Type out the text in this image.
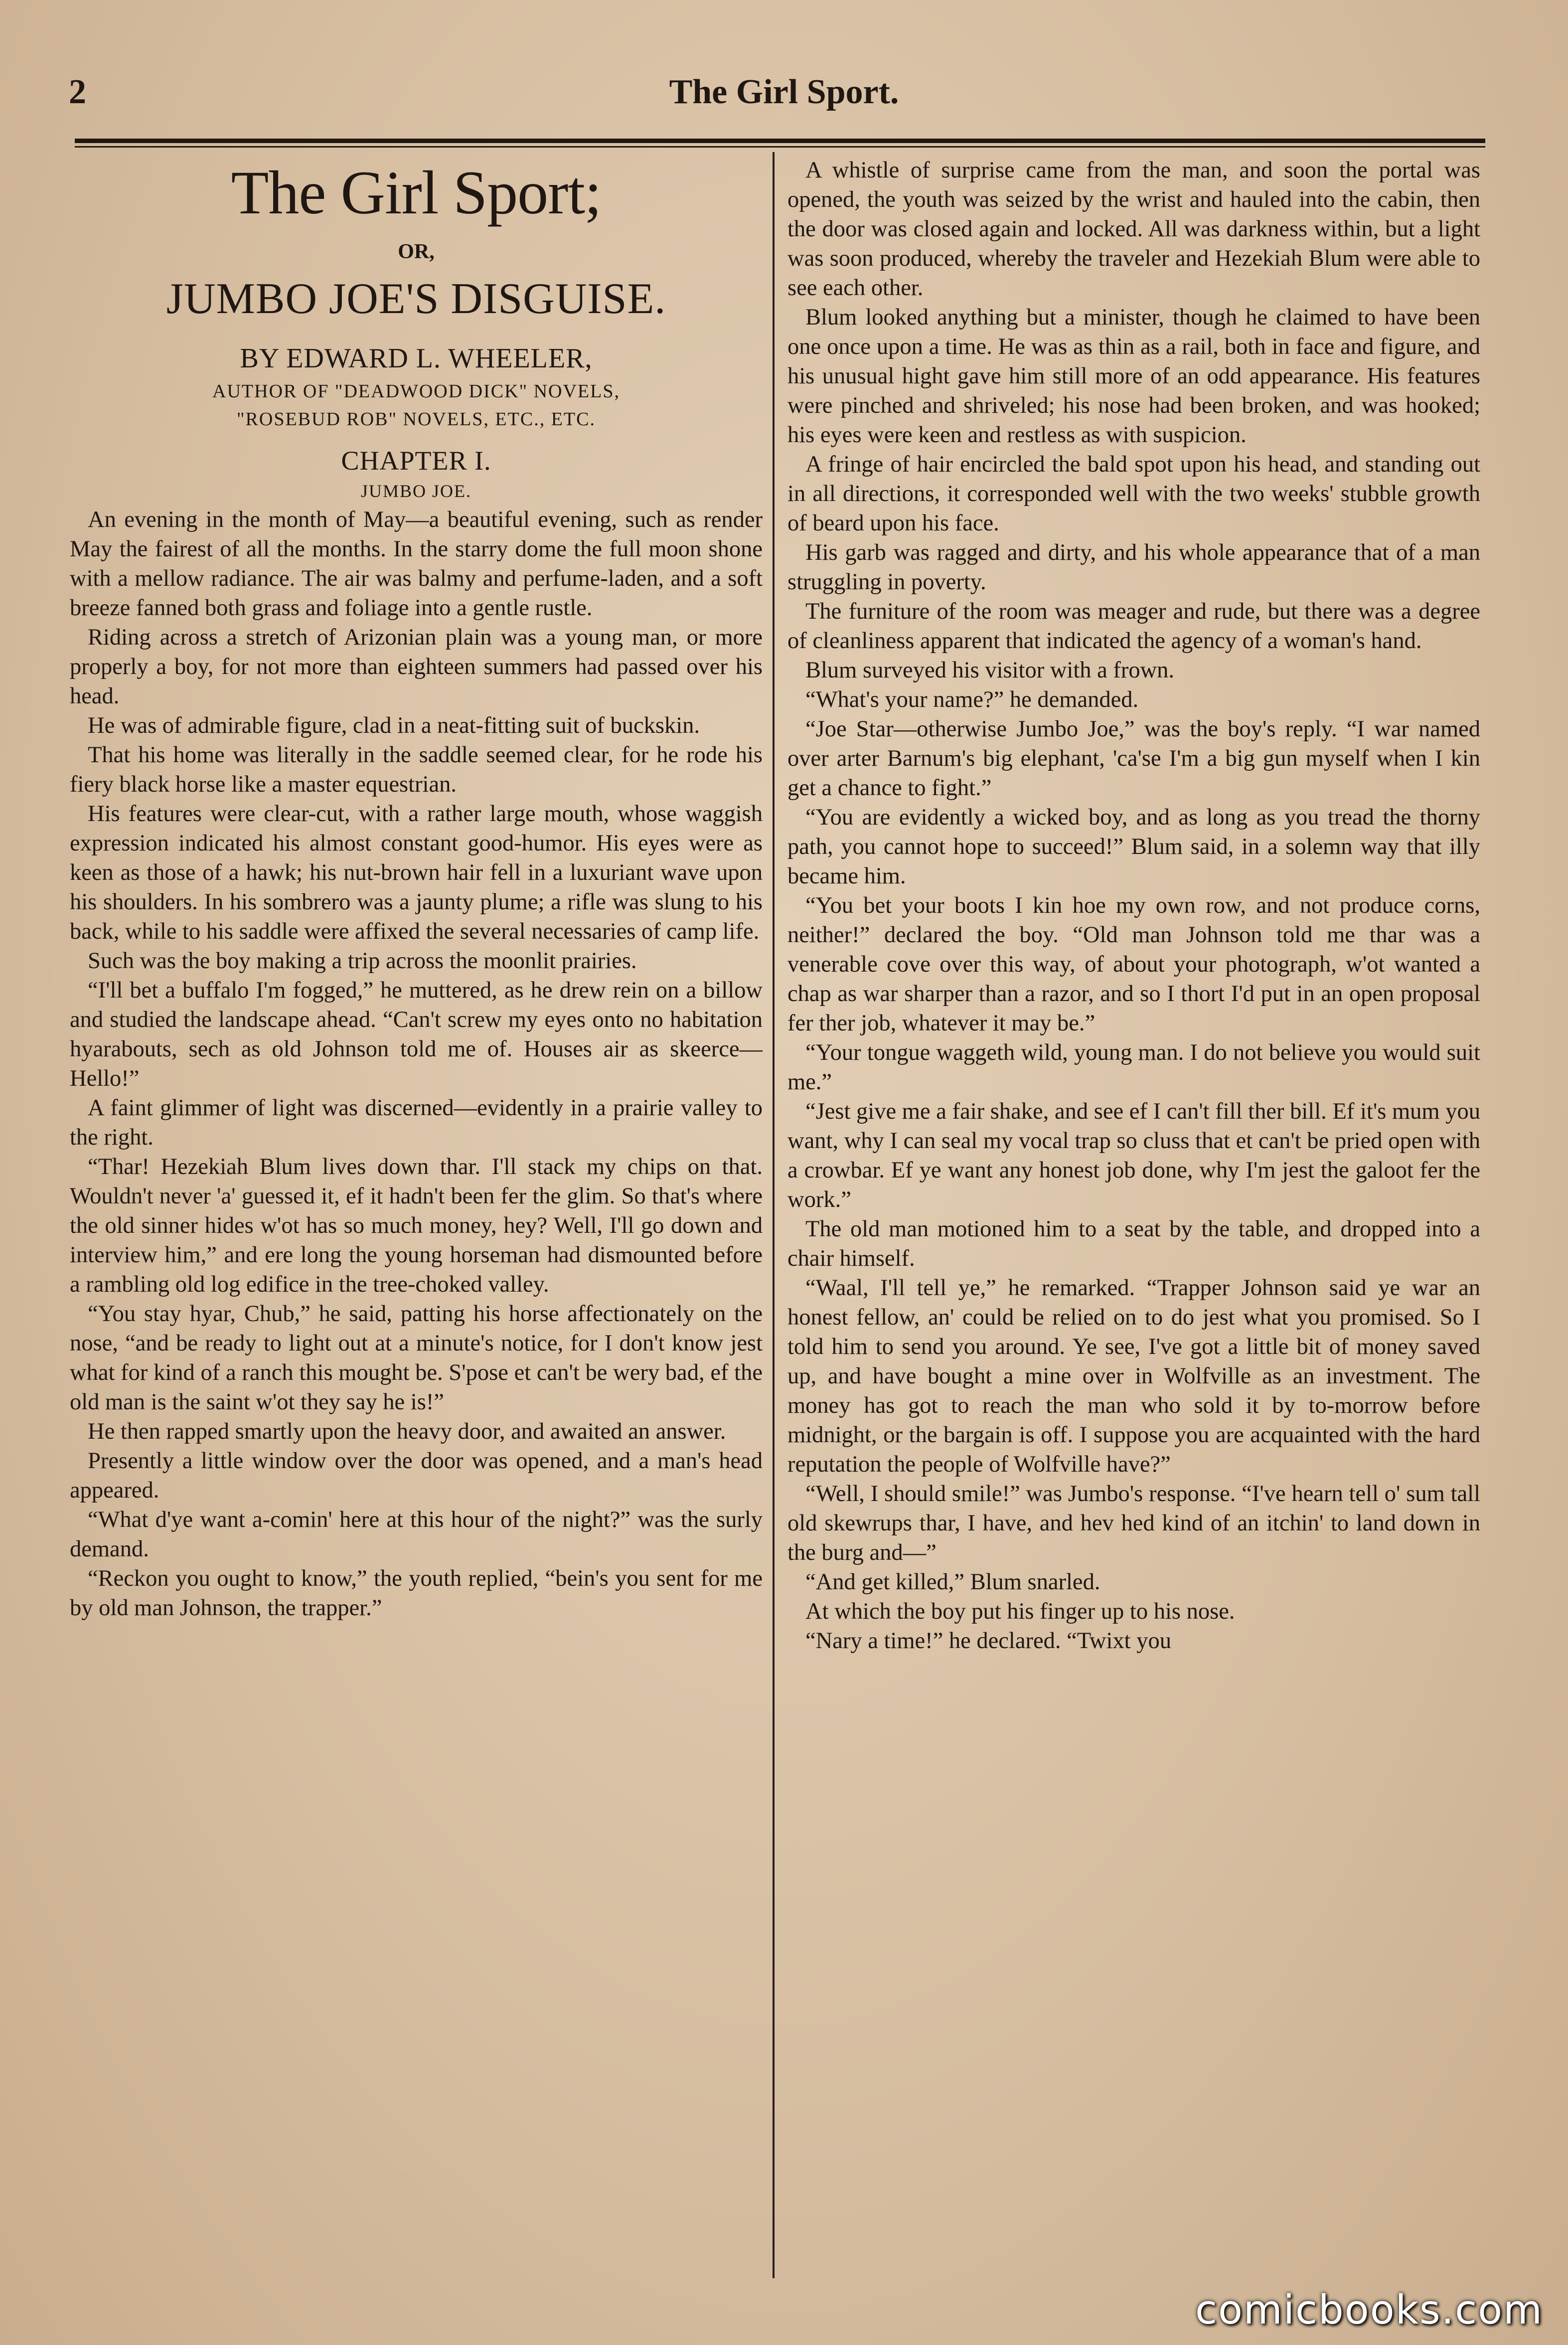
2	The Girl Sport.
The Girl Sport;
OR,
JUMBO JOE'S DISGUISE.
BY EDWARD L. WHEELER,
AUTHOR OF "DEADWOOD DICK" NOVELS,
"ROSEBUD ROB" NOVELS, ETC., ETC.
CHAPTER I.
JUMBO JOE.

An evening in the month of May—a beautiful evening, such as render May the fairest of all the months. In the starry dome the full moon shone with a mellow radiance. The air was balmy and perfume-laden, and a soft breeze fanned both grass and foliage into a gentle rustle.

Riding across a stretch of Arizonian plain was a young man, or more properly a boy, for not more than eighteen summers had passed over his head.

He was of admirable figure, clad in a neat-fitting suit of buckskin.

That his home was literally in the saddle seemed clear, for he rode his fiery black horse like a master equestrian.

His features were clear-cut, with a rather large mouth, whose waggish expression indicated his almost constant good-humor. His eyes were as keen as those of a hawk; his nut-brown hair fell in a luxuriant wave upon his shoulders. In his sombrero was a jaunty plume; a rifle was slung to his back, while to his saddle were affixed the several necessaries of camp life.

Such was the boy making a trip across the moonlit prairies.

“I'll bet a buffalo I'm fogged,” he muttered, as he drew rein on a billow and studied the landscape ahead. “Can't screw my eyes onto no habitation hyarabouts, sech as old Johnson told me of. Houses air as skeerce— Hello!”

A faint glimmer of light was discerned—evidently in a prairie valley to the right.

“Thar! Hezekiah Blum lives down thar. I'll stack my chips on that. Wouldn't never 'a' guessed it, ef it hadn't been fer the glim. So that's where the old sinner hides w'ot has so much money, hey? Well, I'll go down and interview him,” and ere long the young horseman had dismounted before a rambling old log edifice in the tree-choked valley.

“You stay hyar, Chub,” he said, patting his horse affectionately on the nose, “and be ready to light out at a minute's notice, for I don't know jest what for kind of a ranch this mought be. S'pose et can't be wery bad, ef the old man is the saint w'ot they say he is!”

He then rapped smartly upon the heavy door, and awaited an answer.

Presently a little window over the door was opened, and a man's head appeared.

“What d'ye want a-comin' here at this hour of the night?” was the surly demand.

“Reckon you ought to know,” the youth replied, “bein's you sent for me by old man Johnson, the trapper.”

A whistle of surprise came from the man, and soon the portal was opened, the youth was seized by the wrist and hauled into the cabin, then the door was closed again and locked. All was darkness within, but a light was soon produced, whereby the traveler and Hezekiah Blum were able to see each other.

Blum looked anything but a minister, though he claimed to have been one once upon a time. He was as thin as a rail, both in face and figure, and his unusual hight gave him still more of an odd appearance. His features were pinched and shriveled; his nose had been broken, and was hooked; his eyes were keen and restless as with suspicion.

A fringe of hair encircled the bald spot upon his head, and standing out in all directions, it corresponded well with the two weeks' stubble growth of beard upon his face.

His garb was ragged and dirty, and his whole appearance that of a man struggling in poverty.

The furniture of the room was meager and rude, but there was a degree of cleanliness apparent that indicated the agency of a woman's hand.

Blum surveyed his visitor with a frown.

“What's your name?” he demanded.

“Joe Star—otherwise Jumbo Joe,” was the boy's reply. “I war named over arter Barnum's big elephant, 'ca'se I'm a big gun myself when I kin get a chance to fight.”

“You are evidently a wicked boy, and as long as you tread the thorny path, you cannot hope to succeed!” Blum said, in a solemn way that illy became him.

“You bet your boots I kin hoe my own row, and not produce corns, neither!” declared the boy. “Old man Johnson told me thar was a venerable cove over this way, of about your photograph, w'ot wanted a chap as war sharper than a razor, and so I thort I'd put in an open proposal fer ther job, whatever it may be.”

“Your tongue waggeth wild, young man. I do not believe you would suit me.”

“Jest give me a fair shake, and see ef I can't fill ther bill. Ef it's mum you want, why I can seal my vocal trap so cluss that et can't be pried open with a crowbar. Ef ye want any honest job done, why I'm jest the galoot fer the work.”

The old man motioned him to a seat by the table, and dropped into a chair himself.

“Waal, I'll tell ye,” he remarked. “Trapper Johnson said ye war an honest fellow, an' could be relied on to do jest what you promised. So I told him to send you around. Ye see, I've got a little bit of money saved up, and have bought a mine over in Wolfville as an investment. The money has got to reach the man who sold it by to-morrow before midnight, or the bargain is off. I suppose you are acquainted with the hard reputation the people of Wolfville have?”

“Well, I should smile!” was Jumbo's response. “I've hearn tell o' sum tall old skewrups thar, I have, and hev hed kind of an itchin' to land down in the burg and—”

“And get killed,” Blum snarled.

At which the boy put his finger up to his nose.

“Nary a time!” he declared. “Twixt you

comicbooks.com
